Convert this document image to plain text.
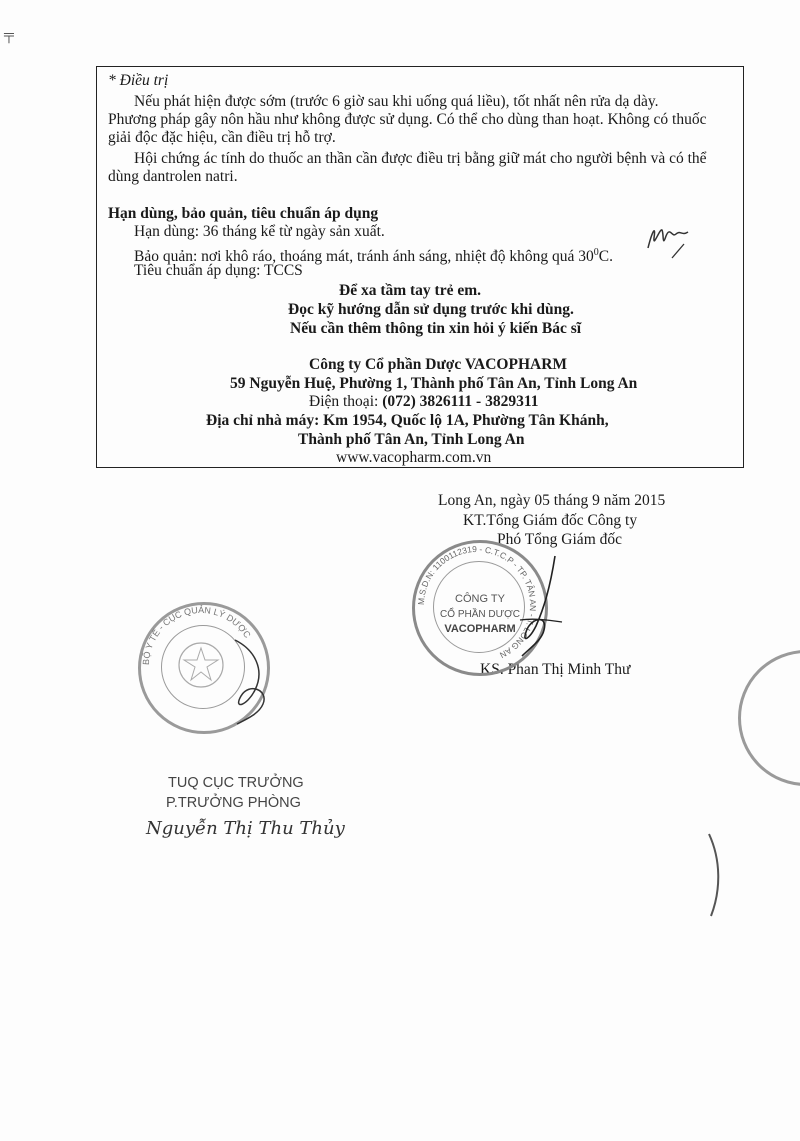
* Điều trị
Nếu phát hiện được sớm (trước 6 giờ sau khi uống quá liều), tốt nhất nên rửa dạ dày.
Phương pháp gây nôn hầu như không được sử dụng. Có thể cho dùng than hoạt. Không có thuốc
giải độc đặc hiệu, cần điều trị hỗ trợ.
Hội chứng ác tính do thuốc an thần cần được điều trị bằng giữ mát cho người bệnh và có thể
dùng dantrolen natri.
Hạn dùng, bảo quản, tiêu chuẩn áp dụng
Hạn dùng: 36 tháng kể từ ngày sản xuất.
Bảo quản: nơi khô ráo, thoáng mát, tránh ánh sáng, nhiệt độ không quá $30^0C$.
Tiêu chuẩn áp dụng: TCCS
Để xa tầm tay trẻ em.
Đọc kỹ hướng dẫn sử dụng trước khi dùng.
Nếu cần thêm thông tin xin hỏi ý kiến Bác sĩ
Công ty Cổ phần Dược VACOPHARM
59 Nguyễn Huệ, Phường 1, Thành phố Tân An, Tỉnh Long An
Điện thoại: (072) 3826111 - 3829311
Địa chỉ nhà máy: Km 1954, Quốc lộ 1A, Phường Tân Khánh,
Thành phố Tân An, Tỉnh Long An
www.vacopharm.com.vn
Long An, ngày 05 tháng 9 năm 2015
KT.Tổng Giám đốc Công ty
Phó Tổng Giám đốc
KS. Phan Thị Minh Thư
CÔNG TY
CỔ PHẦN DƯỢC
VACOPHARM
M.S.D.N: 1100112319 - C.T.C.P - TP. TÂN AN - T. LONG AN
BỘ Y TẾ - CỤC QUẢN LÝ DƯỢC
TUQ CỤC TRƯỞNG
P.TRƯỞNG PHÒNG
Nguyễn Thị Thu Thủy
╤
